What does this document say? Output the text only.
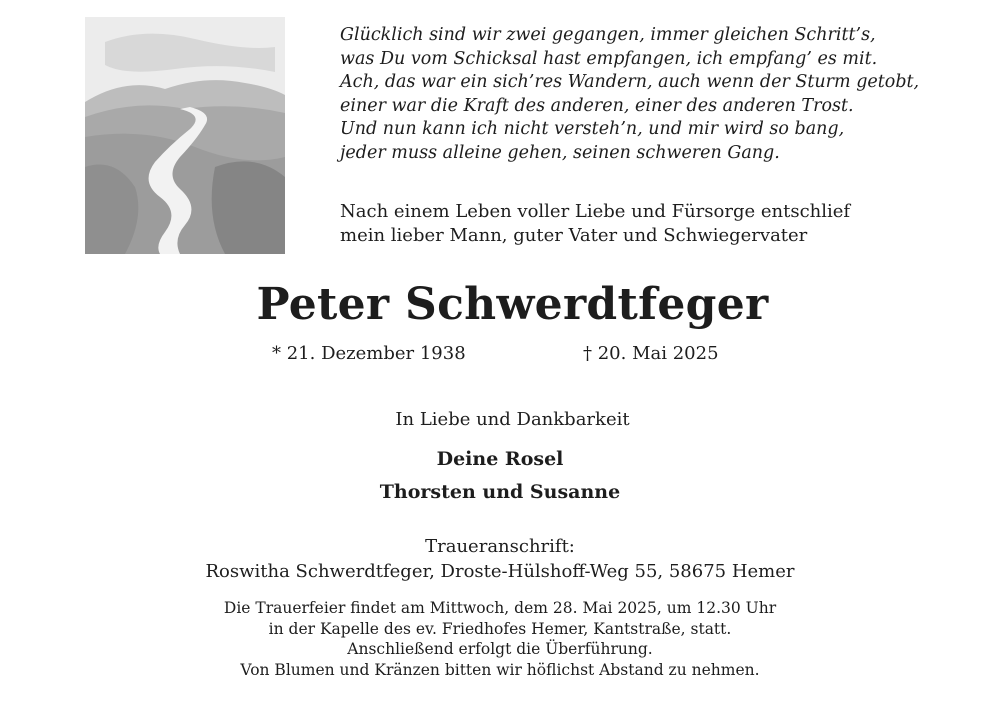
Glücklich sind wir zwei gegangen, immer gleichen Schritt’s,
was Du vom Schicksal hast empfangen, ich empfang’ es mit.
Ach, das war ein sich’res Wandern, auch wenn der Sturm getobt,
einer war die Kraft des anderen, einer des anderen Trost.
Und nun kann ich nicht versteh’n, und mir wird so bang,
jeder muss alleine gehen, seinen schweren Gang.
Nach einem Leben voller Liebe und Fürsorge entschlief
mein lieber Mann, guter Vater und Schwiegervater
Peter Schwerdtfeger
* 21. Dezember 1938	† 20. Mai 2025
In Liebe und Dankbarkeit
Deine Rosel
Thorsten und Susanne
Traueranschrift:
Roswitha Schwerdtfeger, Droste-Hülshoff-Weg 55, 58675 Hemer
Die Trauerfeier findet am Mittwoch, dem 28. Mai 2025, um 12.30 Uhr
in der Kapelle des ev. Friedhofes Hemer, Kantstraße, statt.
Anschließend erfolgt die Überführung.
Von Blumen und Kränzen bitten wir höflichst Abstand zu nehmen.
